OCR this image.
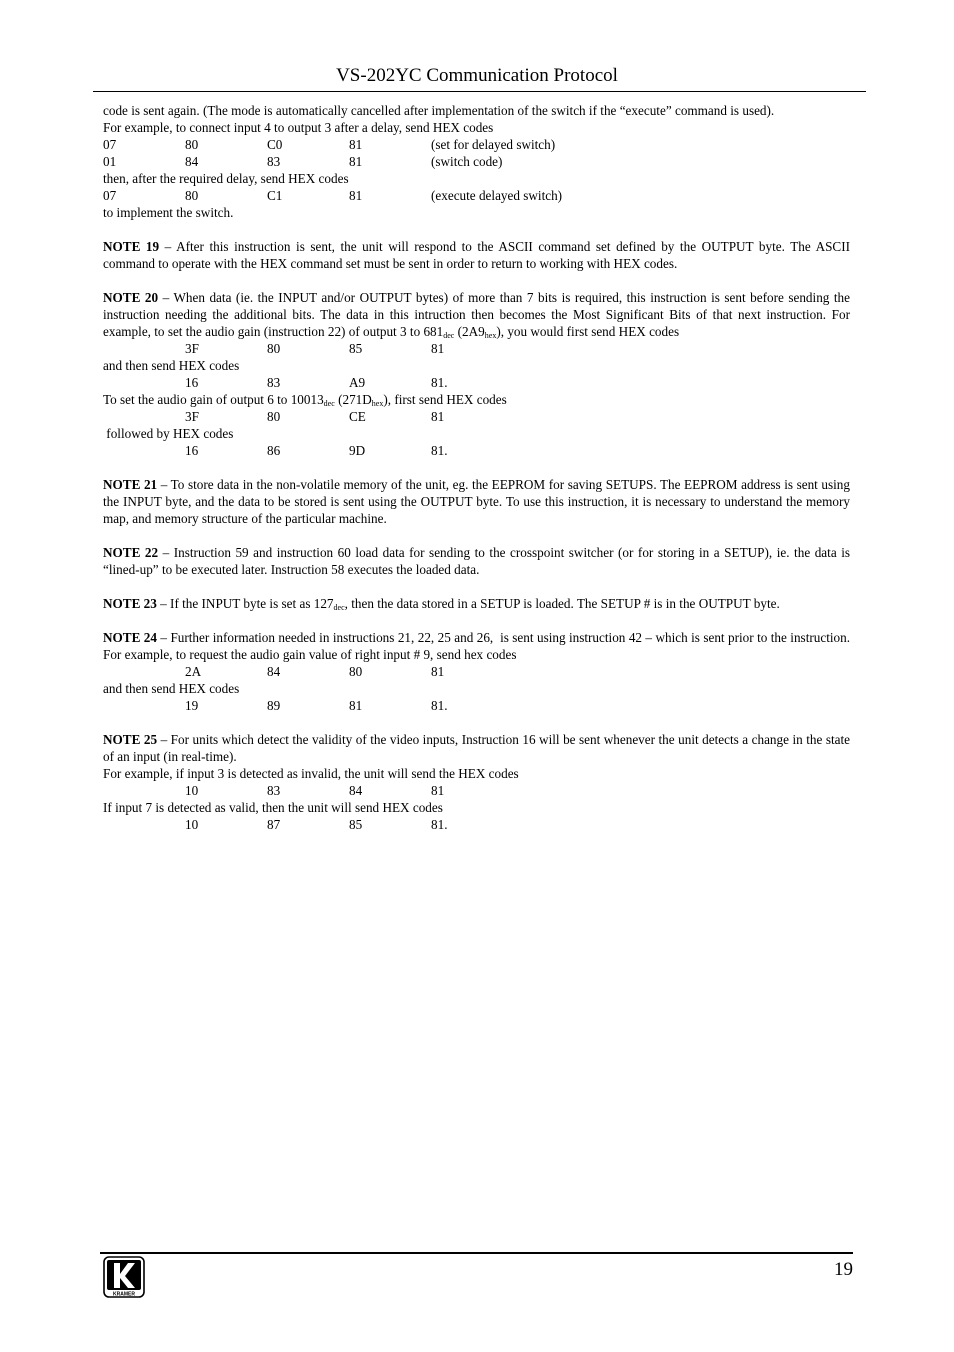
VS-202YC Communication Protocol
code is sent again. (The mode is automatically cancelled after implementation of the switch if the “execute” command is used).
For example, to connect input 4 to output 3 after a delay, send HEX codes
07	80	C0	81	(set for delayed switch)
01	84	83	81	(switch code)
then, after the required delay, send HEX codes
07	80	C1	81	(execute delayed switch)
to implement the switch.
NOTE 19 – After this instruction is sent, the unit will respond to the ASCII command set defined by the OUTPUT byte. The ASCII command to operate with the HEX command set must be sent in order to return to working with HEX codes.
NOTE 20 – When data (ie. the INPUT and/or OUTPUT bytes) of more than 7 bits is required, this instruction is sent before sending the instruction needing the additional bits. The data in this intruction then becomes the Most Significant Bits of that next instruction. For example, to set the audio gain (instruction 22) of output 3 to $681_{dec}$ $(2A9_{hex})$, you would first send HEX codes
3F	80	85	81
and then send HEX codes
16	83	A9	81.
To set the audio gain of output 6 to $10013_{dec}$ $(271D_{hex})$, first send HEX codes
3F	80	CE	81
followed by HEX codes
16	86	9D	81.
NOTE 21 – To store data in the non-volatile memory of the unit, eg. the EEPROM for saving SETUPS. The EEPROM address is sent using the INPUT byte, and the data to be stored is sent using the OUTPUT byte. To use this instruction, it is necessary to understand the memory map, and memory structure of the particular machine.
NOTE 22 – Instruction 59 and instruction 60 load data for sending to the crosspoint switcher (or for storing in a SETUP), ie. the data is “lined-up” to be executed later. Instruction 58 executes the loaded data.
NOTE 23 – If the INPUT byte is set as $127_{dec}$, then the data stored in a SETUP is loaded. The SETUP # is in the OUTPUT byte.
NOTE 24 – Further information needed in instructions 21, 22, 25 and 26,  is sent using instruction 42 – which is sent prior to the instruction. For example, to request the audio gain value of right input # 9, send hex codes
2A	84	80	81
and then send HEX codes
19	89	81	81.
NOTE 25 – For units which detect the validity of the video inputs, Instruction 16 will be sent whenever the unit detects a change in the state of an input (in real-time).
For example, if input 3 is detected as invalid, the unit will send the HEX codes
10	83	84	81
If input 7 is detected as valid, then the unit will send HEX codes
10	87	85	81.
KRAMER
19
